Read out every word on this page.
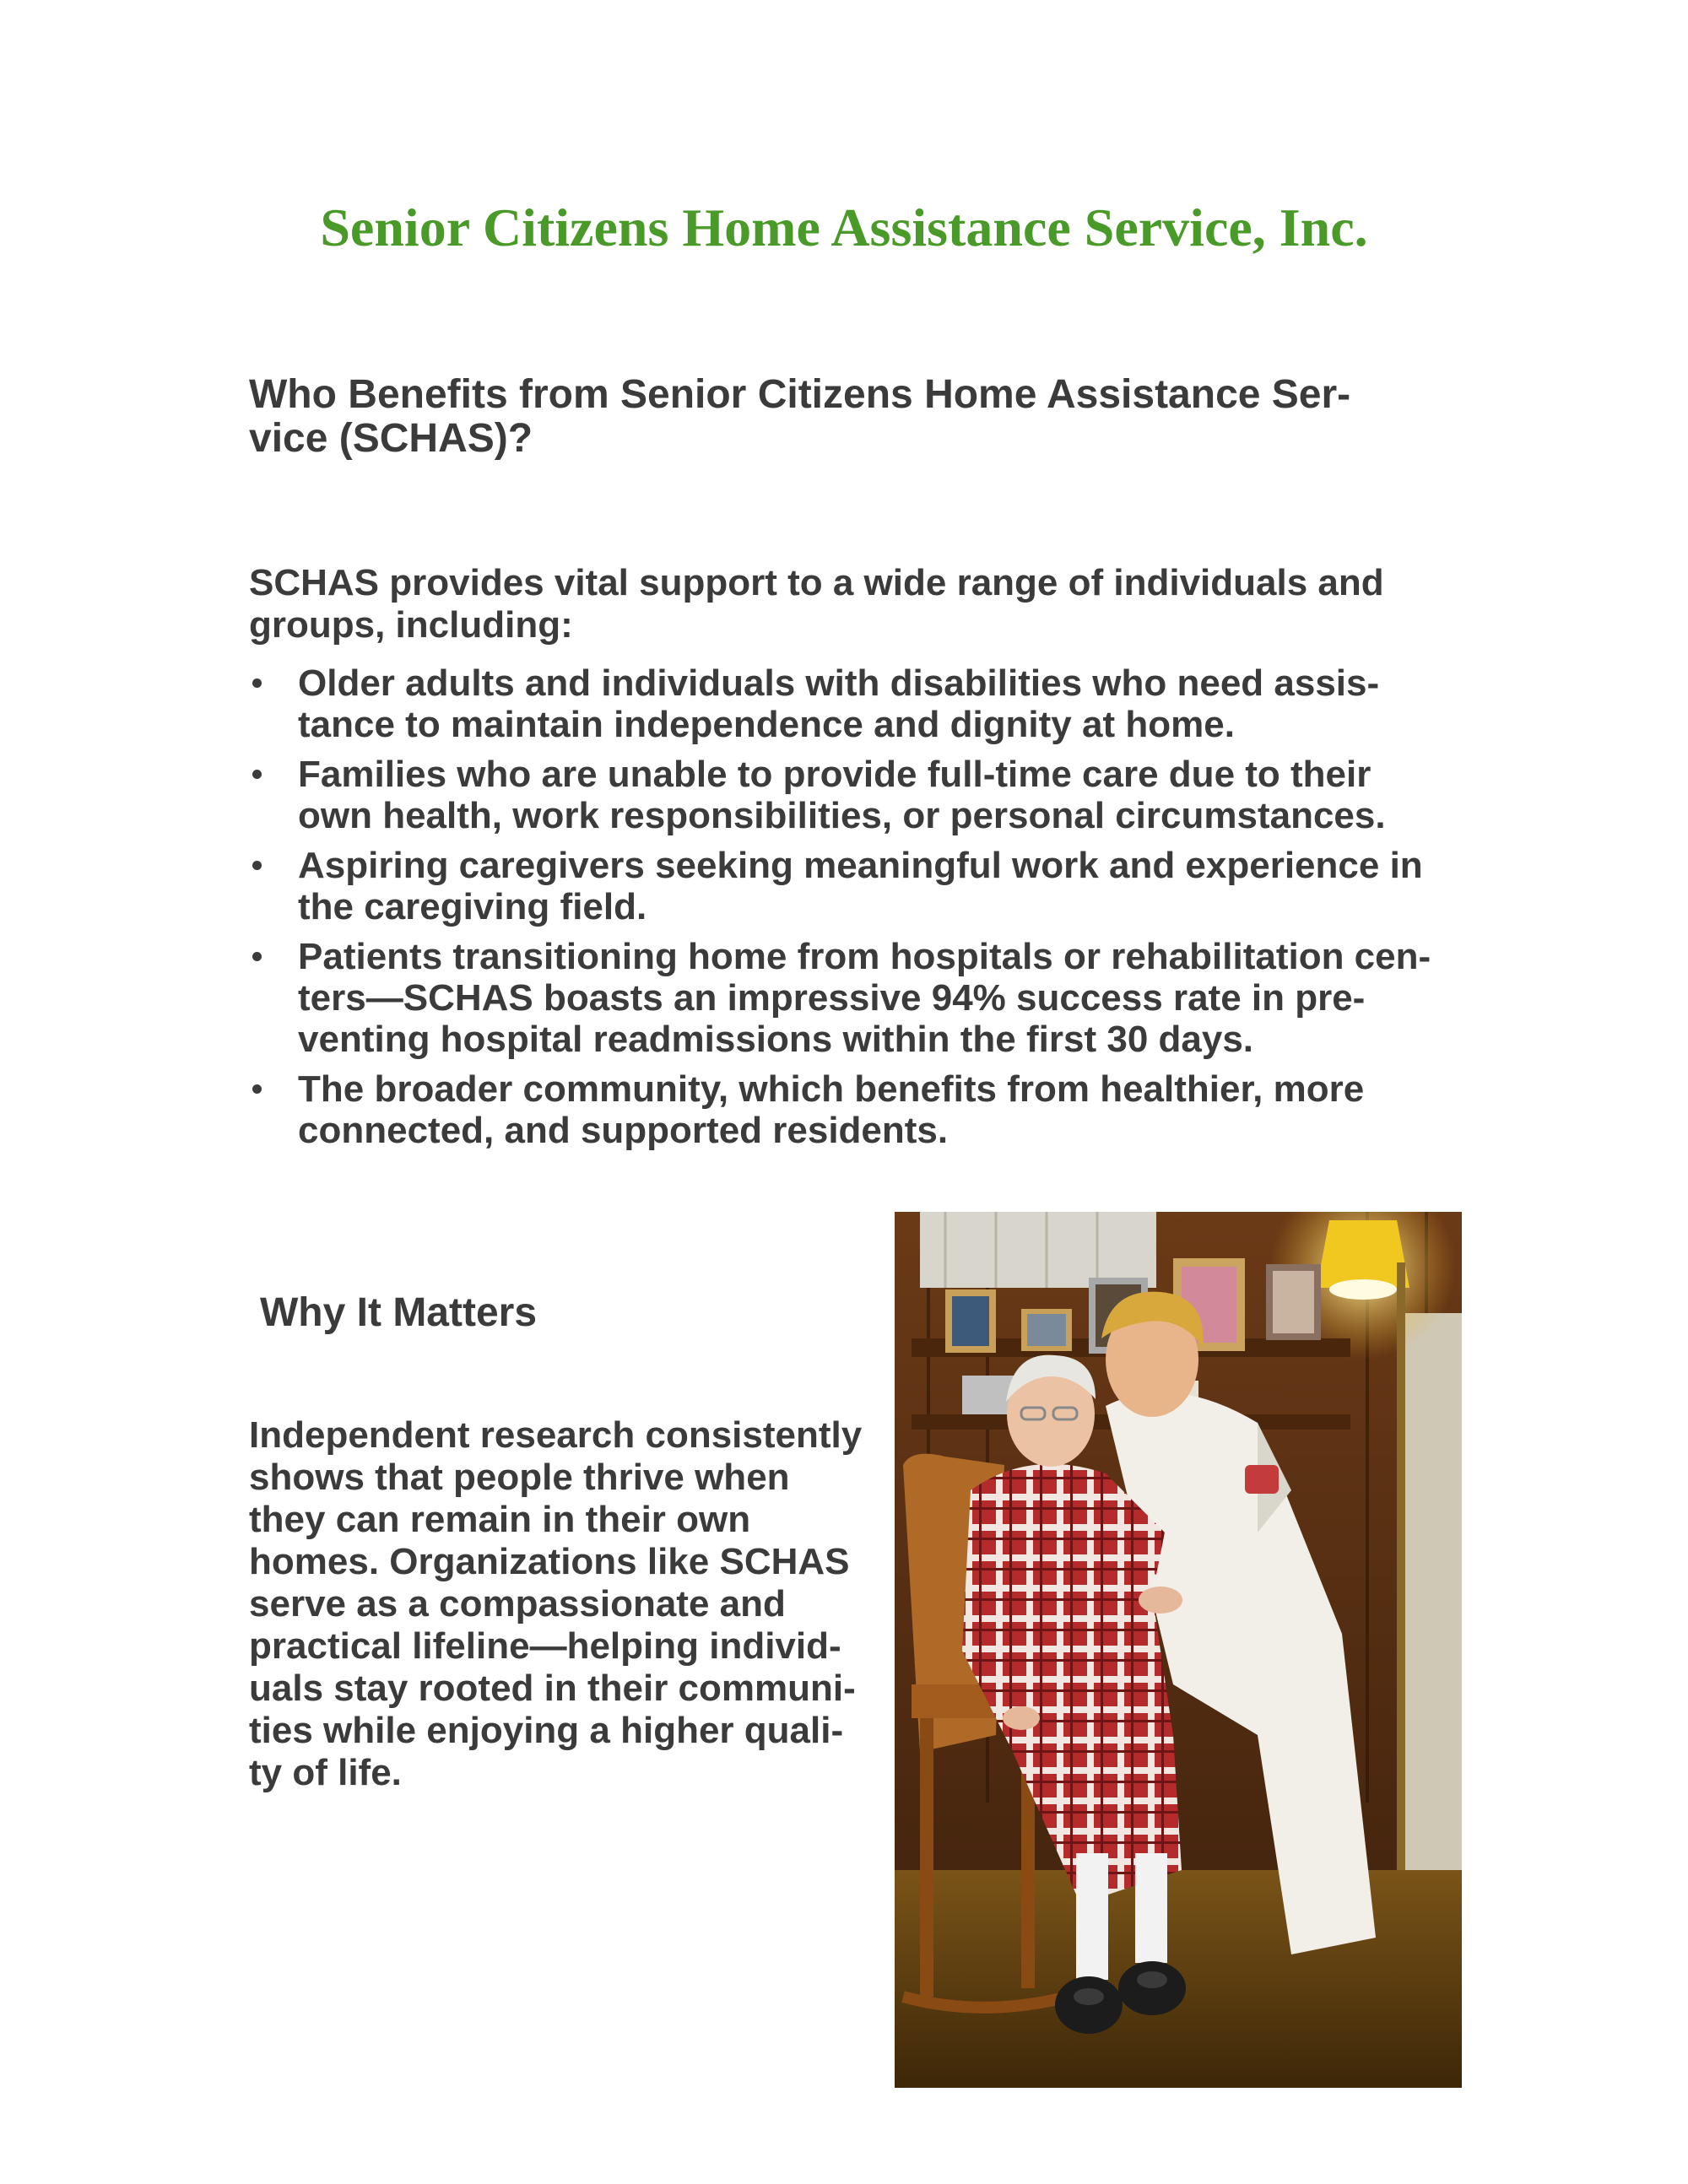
Senior Citizens Home Assistance Service, Inc.
Who Benefits from Senior Citizens Home Assistance Ser-
vice (SCHAS)?

SCHAS provides vital support to a wide range of individuals and
groups, including:

Older adults and individuals with disabilities who need assis-
tance to maintain independence and dignity at home.
Families who are unable to provide full-time care due to their
own health, work responsibilities, or personal circumstances.
Aspiring caregivers seeking meaningful work and experience in
the caregiving field.
Patients transitioning home from hospitals or rehabilitation cen-
ters—SCHAS boasts an impressive 94% success rate in pre-
venting hospital readmissions within the first 30 days.
The broader community, which benefits from healthier, more
connected, and supported residents.
Why It Matters

Independent research consistently
shows that people thrive when
they can remain in their own
homes. Organizations like SCHAS
serve as a compassionate and
practical lifeline—helping individ-
uals stay rooted in their communi-
ties while enjoying a higher quali-
ty of life.
